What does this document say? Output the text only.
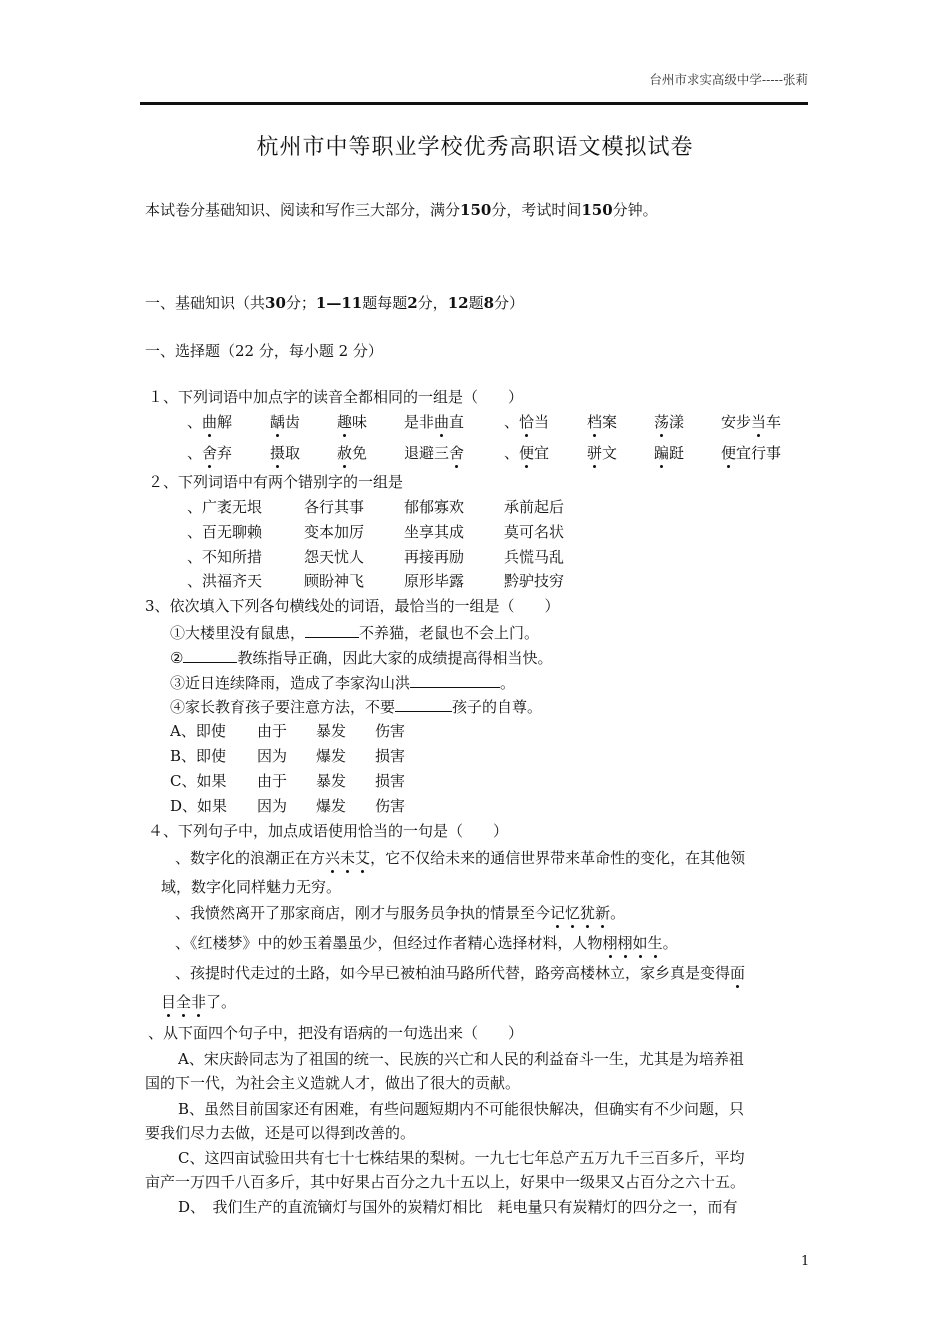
台州市求实高级中学-----张莉
杭州市中等职业学校优秀高职语文模拟试卷
本试卷分基础知识、阅读和写作三大部分，满分150分，考试时间150分钟。
一、基础知识（共30分；1—11题每题2分，12题8分）
一、选择题（22 分，每小题 2 分）
１、下列词语中加点字的读音全都相同的一组是（　　）
、曲解	龋齿 趣味 是非曲直	、恰当	档案 荡漾 安步当车
、舍弃	摄取 赦免 退避三舍	、便宜	骈文 蹁跹 便宜行事
２、下列词语中有两个错别字的一组是
、广袤无垠	各行其事	郁郁寡欢	承前起后
、百无聊赖	变本加厉	坐享其成	莫可名状
、不知所措	怨天忧人	再接再励	兵慌马乱
、洪福齐天	顾盼神飞	原形毕露	黔驴技穷
3、依次填入下列各句横线处的词语，最恰当的一组是（　　）
①大楼里没有鼠患，	不养猫，老鼠也不会上门。
②	教练指导正确，因此大家的成绩提高得相当快。
③近日连续降雨，造成了李家沟山洪	。
④家长教育孩子要注意方法，不要	孩子的自尊。
A、即使 由于 暴发 伤害
B、即使 因为 爆发 损害
C、如果 由于 暴发 损害
D、如果 因为 爆发 伤害
４、下列句子中，加点成语使用恰当的一句是（　　）
、数字化的浪潮正在方兴未艾，它不仅给未来的通信世界带来革命性的变化，在其他领
域，数字化同样魅力无穷。
、我愤然离开了那家商店，刚才与服务员争执的情景至今记忆犹新。
、《红楼梦》中的妙玉着墨虽少，但经过作者精心选择材料，人物栩栩如生。
、孩提时代走过的土路，如今早已被柏油马路所代替，路旁高楼林立，家乡真是变得面
目全非了。
、从下面四个句子中，把没有语病的一句选出来（　　）
A、宋庆龄同志为了祖国的统一、民族的兴亡和人民的利益奋斗一生，尤其是为培养祖
国的下一代，为社会主义造就人才，做出了很大的贡献。
B、虽然目前国家还有困难，有些问题短期内不可能很快解决，但确实有不少问题，只
要我们尽力去做，还是可以得到改善的。
C、这四亩试验田共有七十七株结果的梨树。一九七七年总产五万九千三百多斤，平均
亩产一万四千八百多斤，其中好果占百分之九十五以上，好果中一级果又占百分之六十五。
D、　我们生产的直流镝灯与国外的炭精灯相比　耗电量只有炭精灯的四分之一，而有
1
